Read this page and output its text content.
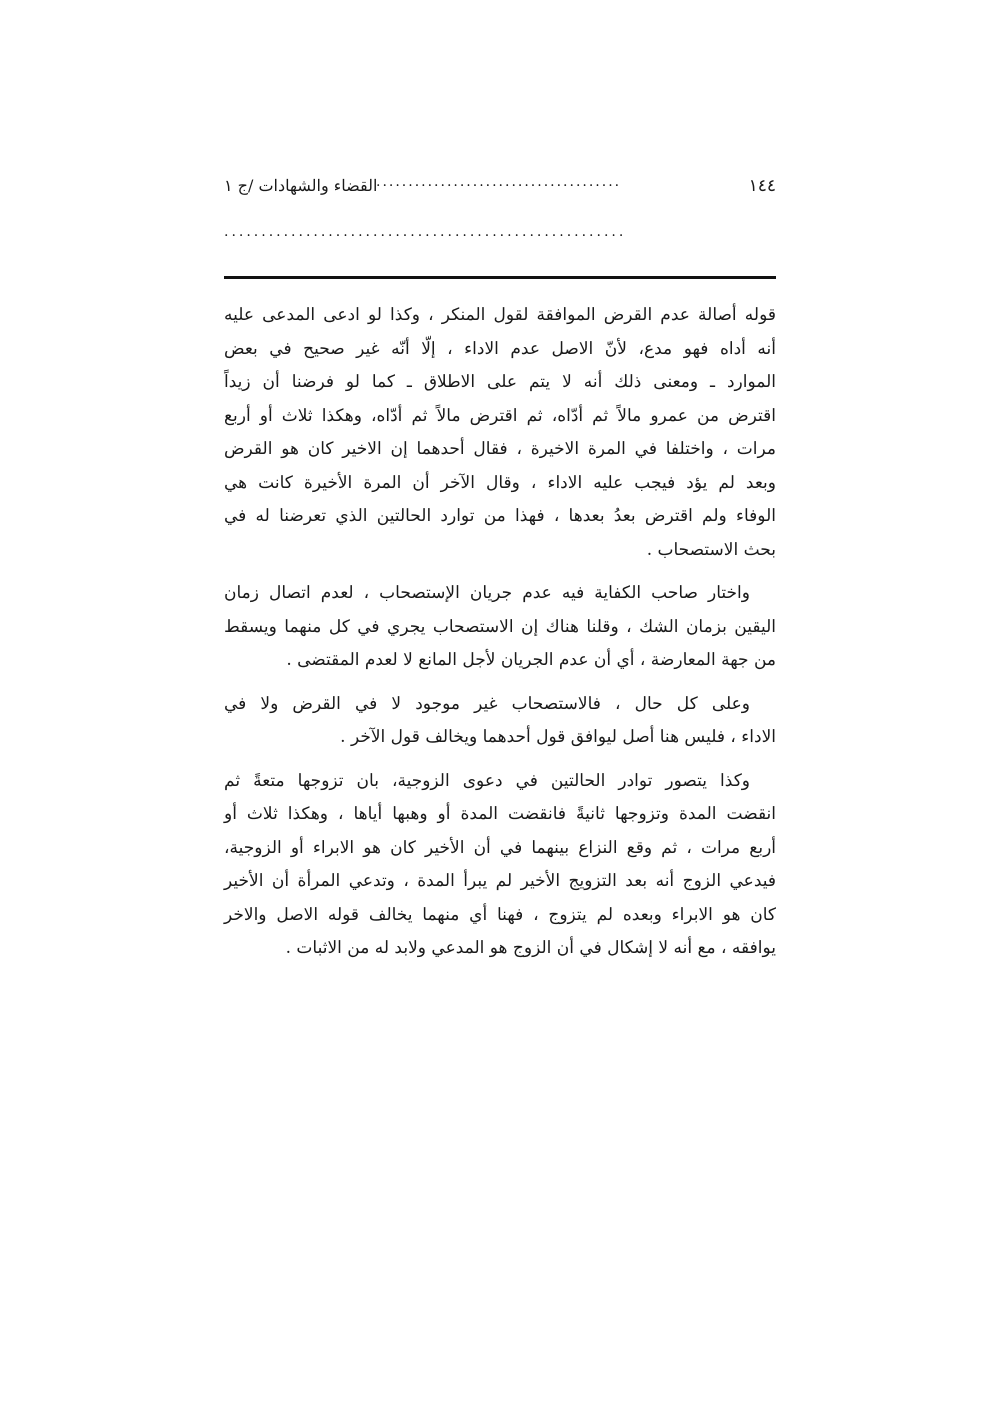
١٤٤
......................................
القضاء والشهادات /ج ١
......................................................
قوله أصالة عدم القرض الموافقة لقول المنكر ، وكذا لو ادعى المدعى عليه
أنه أداه فهو مدع، لأنّ الاصل عدم الاداء ، إلّا أنّه غير صحيح في بعض
الموارد ـ ومعنى ذلك أنه لا يتم على الاطلاق ـ كما لو فرضنا أن زيداً
اقترض من عمرو مالاً ثم أدّاه، ثم اقترض مالاً ثم أدّاه، وهكذا ثلاث أو أربع
مرات ، واختلفا في المرة الاخيرة ، فقال أحدهما إن الاخير كان هو القرض
وبعد لم يؤد فيجب عليه الاداء ، وقال الآخر أن المرة الأخيرة كانت هي
الوفاء ولم اقترض بعدُ بعدها ، فهذا من توارد الحالتين الذي تعرضنا له في
بحث الاستصحاب .
واختار صاحب الكفاية فيه عدم جريان الإستصحاب ، لعدم اتصال زمان
اليقين بزمان الشك ، وقلنا هناك إن الاستصحاب يجري في كل منهما ويسقط
من جهة المعارضة ، أي أن عدم الجريان لأجل المانع لا لعدم المقتضى .
وعلى كل حال ، فالاستصحاب غير موجود لا في القرض ولا في
الاداء ، فليس هنا أصل ليوافق قول أحدهما ويخالف قول الآخر .
وكذا يتصور توادر الحالتين في دعوى الزوجية، بان تزوجها متعةً ثم
انقضت المدة وتزوجها ثانيةً فانقضت المدة أو وهبها أياها ، وهكذا ثلاث أو
أربع مرات ، ثم وقع النزاع بينهما في أن الأخير كان هو الابراء أو الزوجية،
فيدعي الزوج أنه بعد التزويج الأخير لم يبرأ المدة ، وتدعي المرأة أن الأخير
كان هو الابراء وبعده لم يتزوج ، فهنا أي منهما يخالف قوله الاصل والاخر
يوافقه ، مع أنه لا إشكال في أن الزوج هو المدعي ولابد له من الاثبات .
